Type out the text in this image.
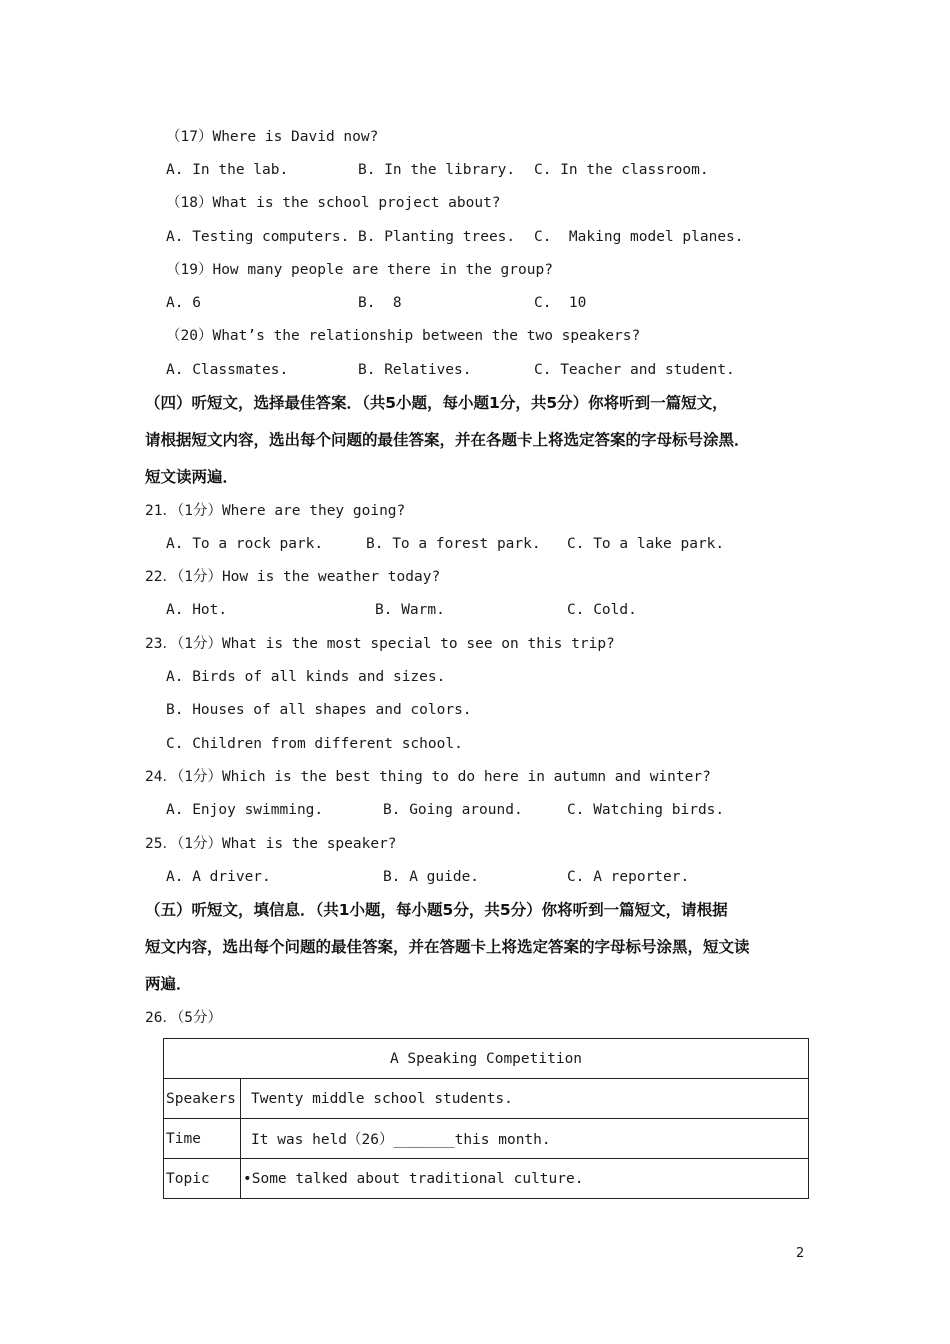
（17）Where is David now?
A. In the lab.	B. In the library. C. In the classroom.
（18）What is the school project about?
A. Testing computers. B. Planting trees. C.  Making model planes.
（19）How many people are there in the group?
A. 6	B.  8	C.  10
（20）What’s the relationship between the two speakers?
A. Classmates.	B. Relatives.	C. Teacher and student.
（四）听短文，选择最佳答案．（共5小题，每小题1分，共5分）你将听到一篇短文，
请根据短文内容，选出每个问题的最佳答案，并在各题卡上将选定答案的字母标号涂黑．
短文读两遍．
21．（1分）Where are they going?
A. To a rock park.	B. To a forest park. C. To a lake park.
22．（1分）How is the weather today?
A. Hot.	B. Warm.	C. Cold.
23．（1分）What is the most special to see on this trip?
A. Birds of all kinds and sizes.
B. Houses of all shapes and colors.
C. Children from different school.
24．（1分）Which is the best thing to do here in autumn and winter?
A. Enjoy swimming.	B. Going around.	C. Watching birds.
25．（1分）What is the speaker?
A. A driver.	B. A guide.	C. A reporter.
（五）听短文，填信息．（共1小题，每小题5分，共5分）你将听到一篇短文，请根据
短文内容，选出每个问题的最佳答案，并在答题卡上将选定答案的字母标号涂黑，短文读
两遍．
26．（5分）
A Speaking Competition	
Speakers	Twenty middle school students.
Time	It was held（26）_______this month.
Topic	•Some talked about traditional culture.
2
